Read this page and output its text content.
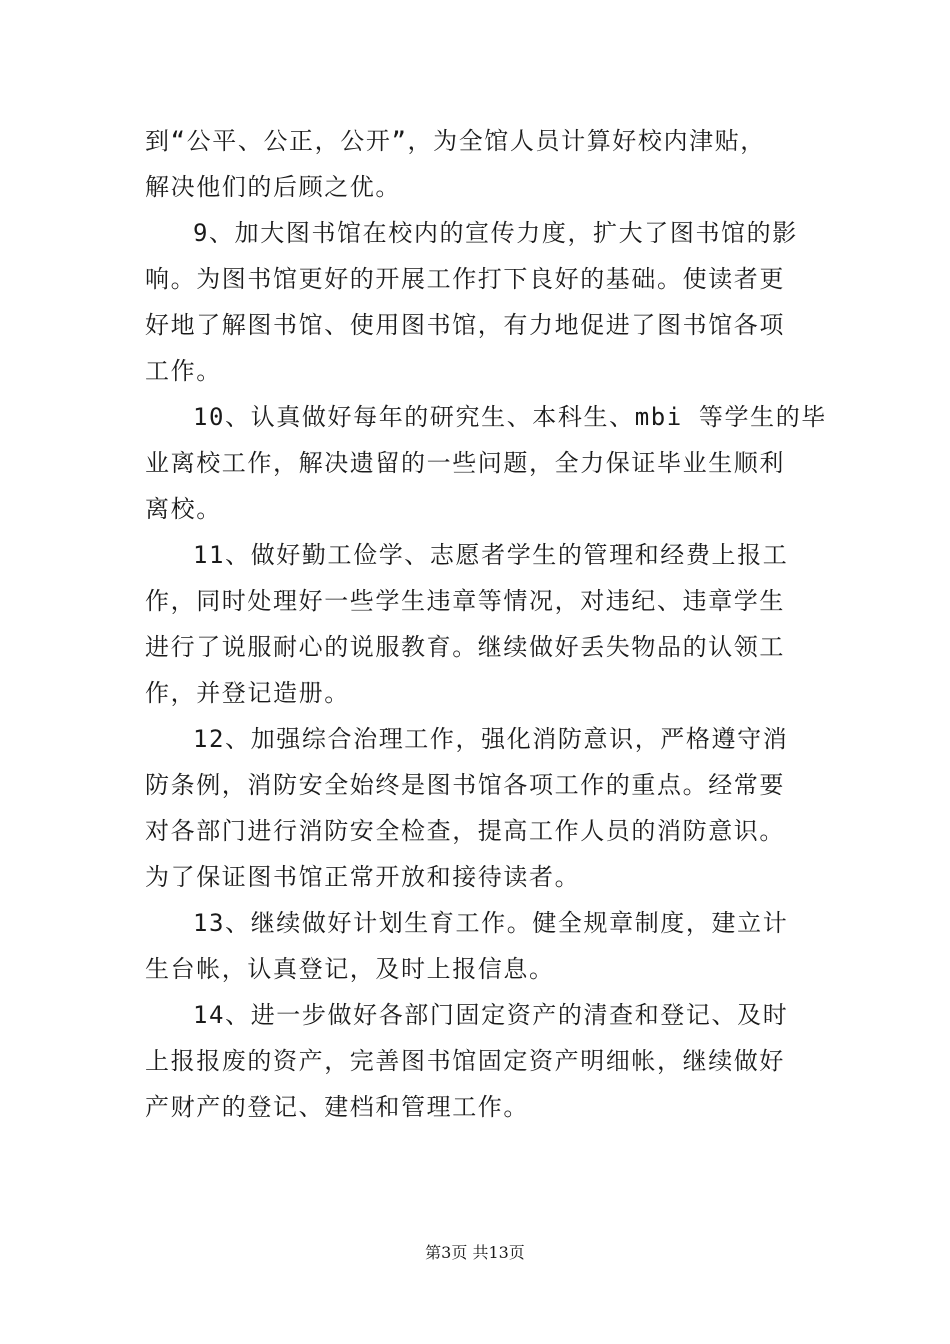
到“公平、公正，公开”，为全馆人员计算好校内津贴，
解决他们的后顾之优。
9、加大图书馆在校内的宣传力度，扩大了图书馆的影
响。为图书馆更好的开展工作打下良好的基础。使读者更
好地了解图书馆、使用图书馆，有力地促进了图书馆各项
工作。
10、认真做好每年的研究生、本科生、mbi 等学生的毕
业离校工作，解决遗留的一些问题，全力保证毕业生顺利
离校。
11、做好勤工俭学、志愿者学生的管理和经费上报工
作，同时处理好一些学生违章等情况，对违纪、违章学生
进行了说服耐心的说服教育。继续做好丢失物品的认领工
作，并登记造册。
12、加强综合治理工作，强化消防意识，严格遵守消
防条例，消防安全始终是图书馆各项工作的重点。经常要
对各部门进行消防安全检查，提高工作人员的消防意识。
为了保证图书馆正常开放和接待读者。
13、继续做好计划生育工作。健全规章制度，建立计
生台帐，认真登记，及时上报信息。
14、进一步做好各部门固定资产的清查和登记、及时
上报报废的资产，完善图书馆固定资产明细帐，继续做好
产财产的登记、建档和管理工作。
第3页 共13页
